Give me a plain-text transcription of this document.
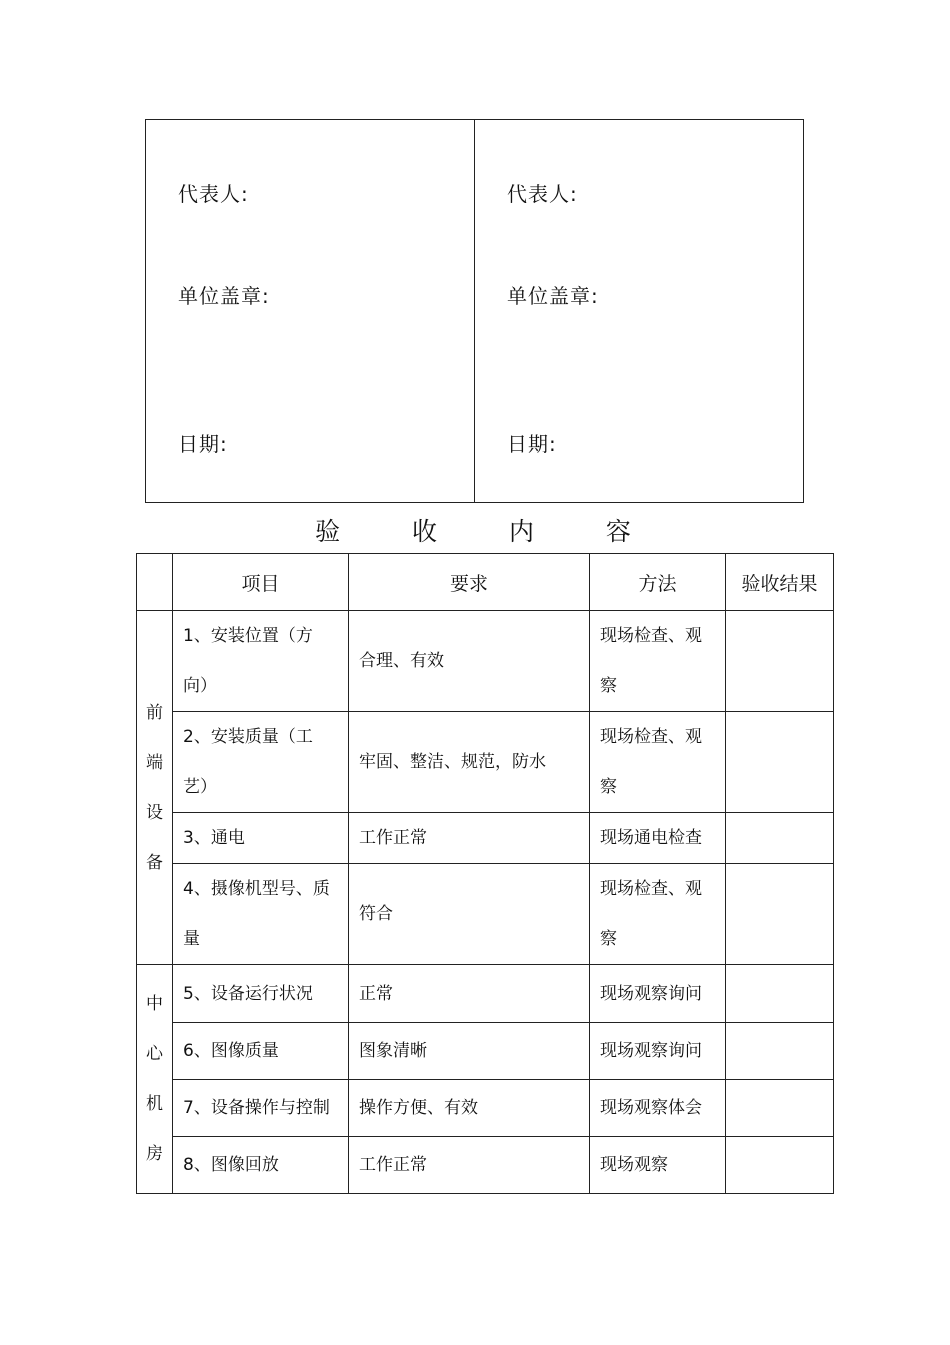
代表人:
单位盖章:
日期:
代表人:
单位盖章:
日期:
验 收 内 容
	项目	要求	方法	验收结果

前
端
设
备	1、安装位置（方向）	合理、有效	现场检查、观察	

	2、安装质量（工艺）	牢固、整洁、规范，防水	现场检查、观察	

	3、通电	工作正常	现场通电检查	

	4、摄像机型号、质量	符合	现场检查、观察	

中
心
机
房	5、设备运行状况	正常	现场观察询问	

	6、图像质量	图象清晰	现场观察询问	

	7、设备操作与控制	操作方便、有效	现场观察体会	

	8、图像回放	工作正常	现场观察	
